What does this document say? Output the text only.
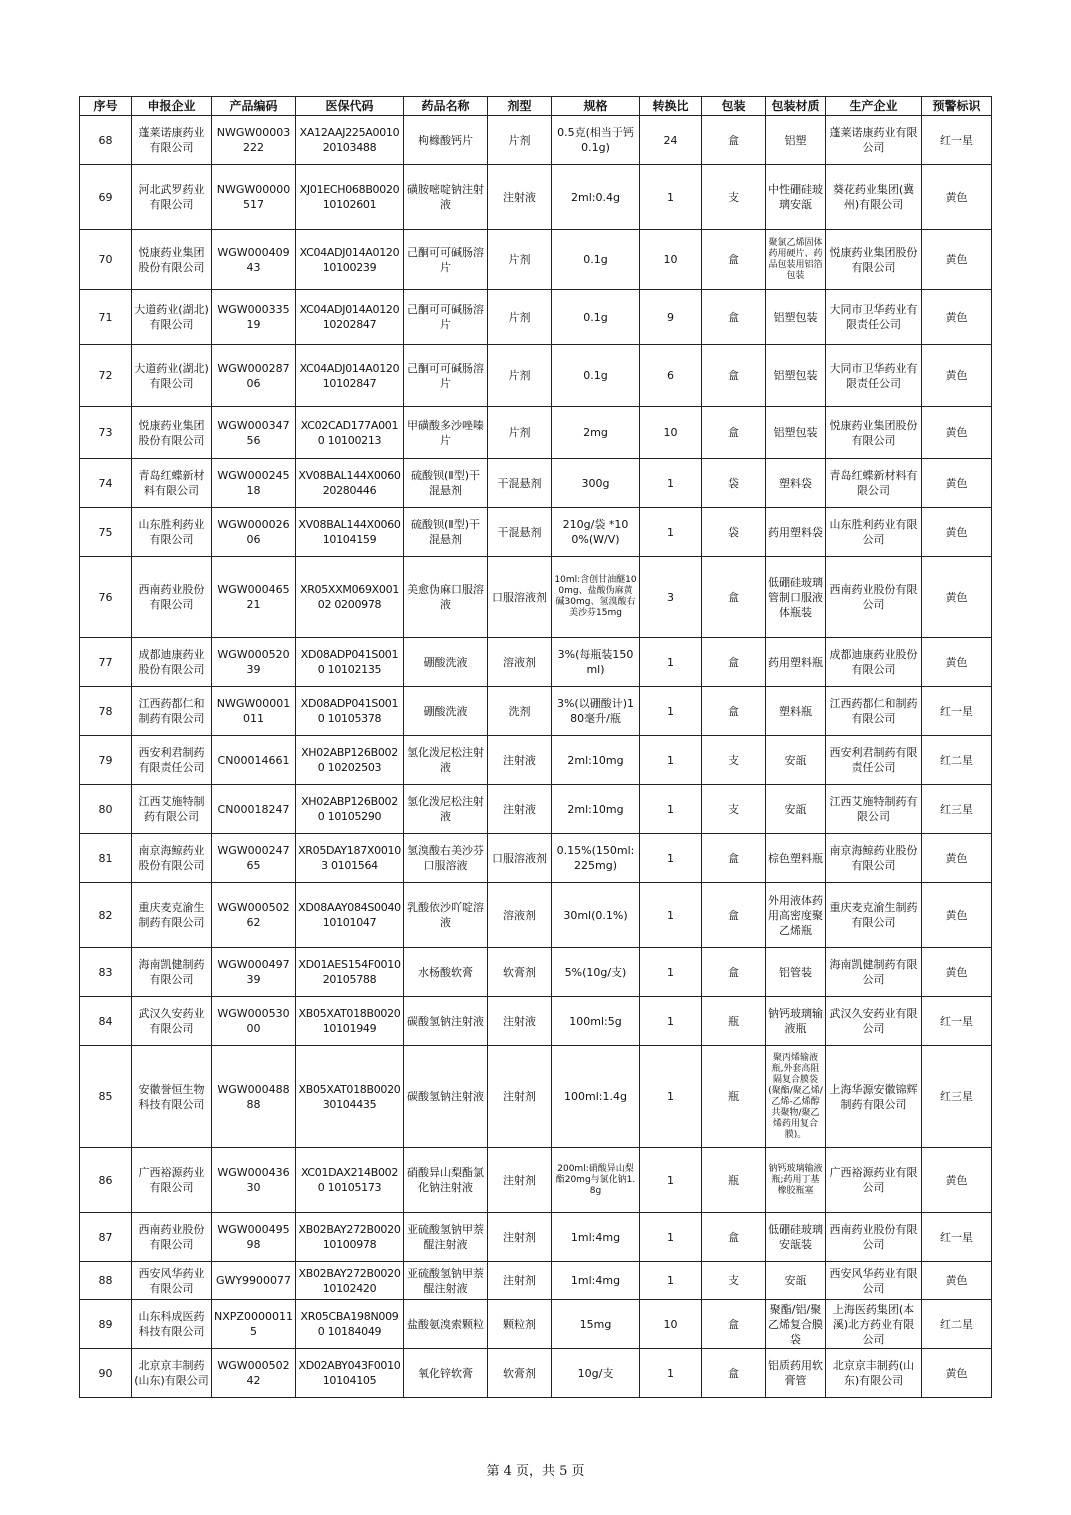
序号	申报企业	产品编码	医保代码	药品名称	剂型	规格	转换比	包装	包装材质	生产企业	预警标识
68	蓬莱诺康药业有限公司	NWGW00003222	XA12AAJ225A0010 20103488	枸橼酸钙片	片剂	0.5克(相当于钙0.1g)	24	盒	铝塑	蓬莱诺康药业有限公司	红一星
69	河北武罗药业有限公司	NWGW00000517	XJ01ECH068B0020 10102601	磺胺嘧啶钠注射液	注射液	2ml:0.4g	1	支	中性硼硅玻璃安瓿	葵花药业集团(冀州)有限公司	黄色
70	悦康药业集团股份有限公司	WGW00040943	XC04ADJ014A0120 10100239	己酮可可碱肠溶片	片剂	0.1g	10	盒	聚氯乙烯固体药用硬片、药品包装用铝箔包装	悦康药业集团股份有限公司	黄色
71	大道药业(湖北)有限公司	WGW00033519	XC04ADJ014A0120 10202847	己酮可可碱肠溶片	片剂	0.1g	9	盒	铝塑包装	大同市卫华药业有限责任公司	黄色
72	大道药业(湖北)有限公司	WGW00028706	XC04ADJ014A0120 10102847	己酮可可碱肠溶片	片剂	0.1g	6	盒	铝塑包装	大同市卫华药业有限责任公司	黄色
73	悦康药业集团股份有限公司	WGW00034756	XC02CAD177A0010 10100213	甲磺酸多沙唑嗪片	片剂	2mg	10	盒	铝塑包装	悦康药业集团股份有限公司	黄色
74	青岛红蝶新材料有限公司	WGW00024518	XV08BAL144X0060 20280446	硫酸钡(Ⅱ型)干混悬剂	干混悬剂	300g	1	袋	塑料袋	青岛红蝶新材料有限公司	黄色
75	山东胜利药业有限公司	WGW00002606	XV08BAL144X0060 10104159	硫酸钡(Ⅱ型)干混悬剂	干混悬剂	210g/袋 *100%(W/V)	1	袋	药用塑料袋	山东胜利药业有限公司	黄色
76	西南药业股份有限公司	WGW00046521	XR05XXM069X00102 0200978	美愈伪麻口服溶液	口服溶液剂	10ml:含创甘油醚100mg、盐酸伪麻黄碱30mg、氢溴酸右美沙芬15mg	3	盒	低硼硅玻璃管制口服液体瓶装	西南药业股份有限公司	黄色
77	成都迪康药业股份有限公司	WGW00052039	XD08ADP041S0010 10102135	硼酸洗液	溶液剂	3%(每瓶装150ml)	1	盒	药用塑料瓶	成都迪康药业股份有限公司	黄色
78	江西药都仁和制药有限公司	NWGW00001011	XD08ADP041S0010 10105378	硼酸洗液	洗剂	3%(以硼酸计)180毫升/瓶	1	盒	塑料瓶	江西药都仁和制药有限公司	红一星
79	西安利君制药有限责任公司	CN00014661	XH02ABP126B0020 10202503	氢化泼尼松注射液	注射液	2ml:10mg	1	支	安瓿	西安利君制药有限责任公司	红二星
80	江西艾施特制药有限公司	CN00018247	XH02ABP126B0020 10105290	氢化泼尼松注射液	注射液	2ml:10mg	1	支	安瓿	江西艾施特制药有限公司	红三星
81	南京海鲸药业股份有限公司	WGW00024765	XR05DAY187X00103 0101564	氢溴酸右美沙芬口服溶液	口服溶液剂	0.15%(150ml:225mg)	1	盒	棕色塑料瓶	南京海鲸药业股份有限公司	黄色
82	重庆麦克渝生制药有限公司	WGW00050262	XD08AAY084S0040 10101047	乳酸依沙吖啶溶液	溶液剂	30ml(0.1%)	1	盒	外用液体药用高密度聚乙烯瓶	重庆麦克渝生制药有限公司	黄色
83	海南凯健制药有限公司	WGW00049739	XD01AES154F0010 20105788	水杨酸软膏	软膏剂	5%(10g/支)	1	盒	铝管装	海南凯健制药有限公司	黄色
84	武汉久安药业有限公司	WGW00053000	XB05XAT018B0020 10101949	碳酸氢钠注射液	注射液	100ml:5g	1	瓶	钠钙玻璃输液瓶	武汉久安药业有限公司	红一星
85	安徽誉恒生物科技有限公司	WGW00048888	XB05XAT018B0020 30104435	碳酸氢钠注射液	注射剂	100ml:1.4g	1	瓶	聚丙烯输液瓶,外套高阻隔复合膜袋(聚酯/聚乙烯/乙烯-乙烯醇共聚物/聚乙烯药用复合膜)。	上海华源安徽锦辉制药有限公司	红三星
86	广西裕源药业有限公司	WGW00043630	XC01DAX214B0020 10105173	硝酸异山梨酯氯化钠注射液	注射剂	200ml:硝酸异山梨酯20mg与氯化钠1.8g	1	瓶	钠钙玻璃输液瓶;药用丁基橡胶瓶塞	广西裕源药业有限公司	黄色
87	西南药业股份有限公司	WGW00049598	XB02BAY272B0020 10100978	亚硫酸氢钠甲萘醌注射液	注射剂	1ml:4mg	1	盒	低硼硅玻璃安瓿装	西南药业股份有限公司	红一星
88	西安风华药业有限公司	GWY9900077	XB02BAY272B0020 10102420	亚硫酸氢钠甲萘醌注射液	注射剂	1ml:4mg	1	支	安瓿	西安风华药业有限公司	黄色
89	山东科成医药科技有限公司	NXPZ00000115	XR05CBA198N0090 10184049	盐酸氨溴索颗粒	颗粒剂	15mg	10	盒	聚酯/铝/聚乙烯复合膜袋	上海医药集团(本溪)北方药业有限公司	红二星
90	北京京丰制药(山东)有限公司	WGW00050242	XD02ABY043F0010 10104105	氧化锌软膏	软膏剂	10g/支	1	盒	铝质药用软膏管	北京京丰制药(山东)有限公司	黄色
第 4 页，共 5 页
